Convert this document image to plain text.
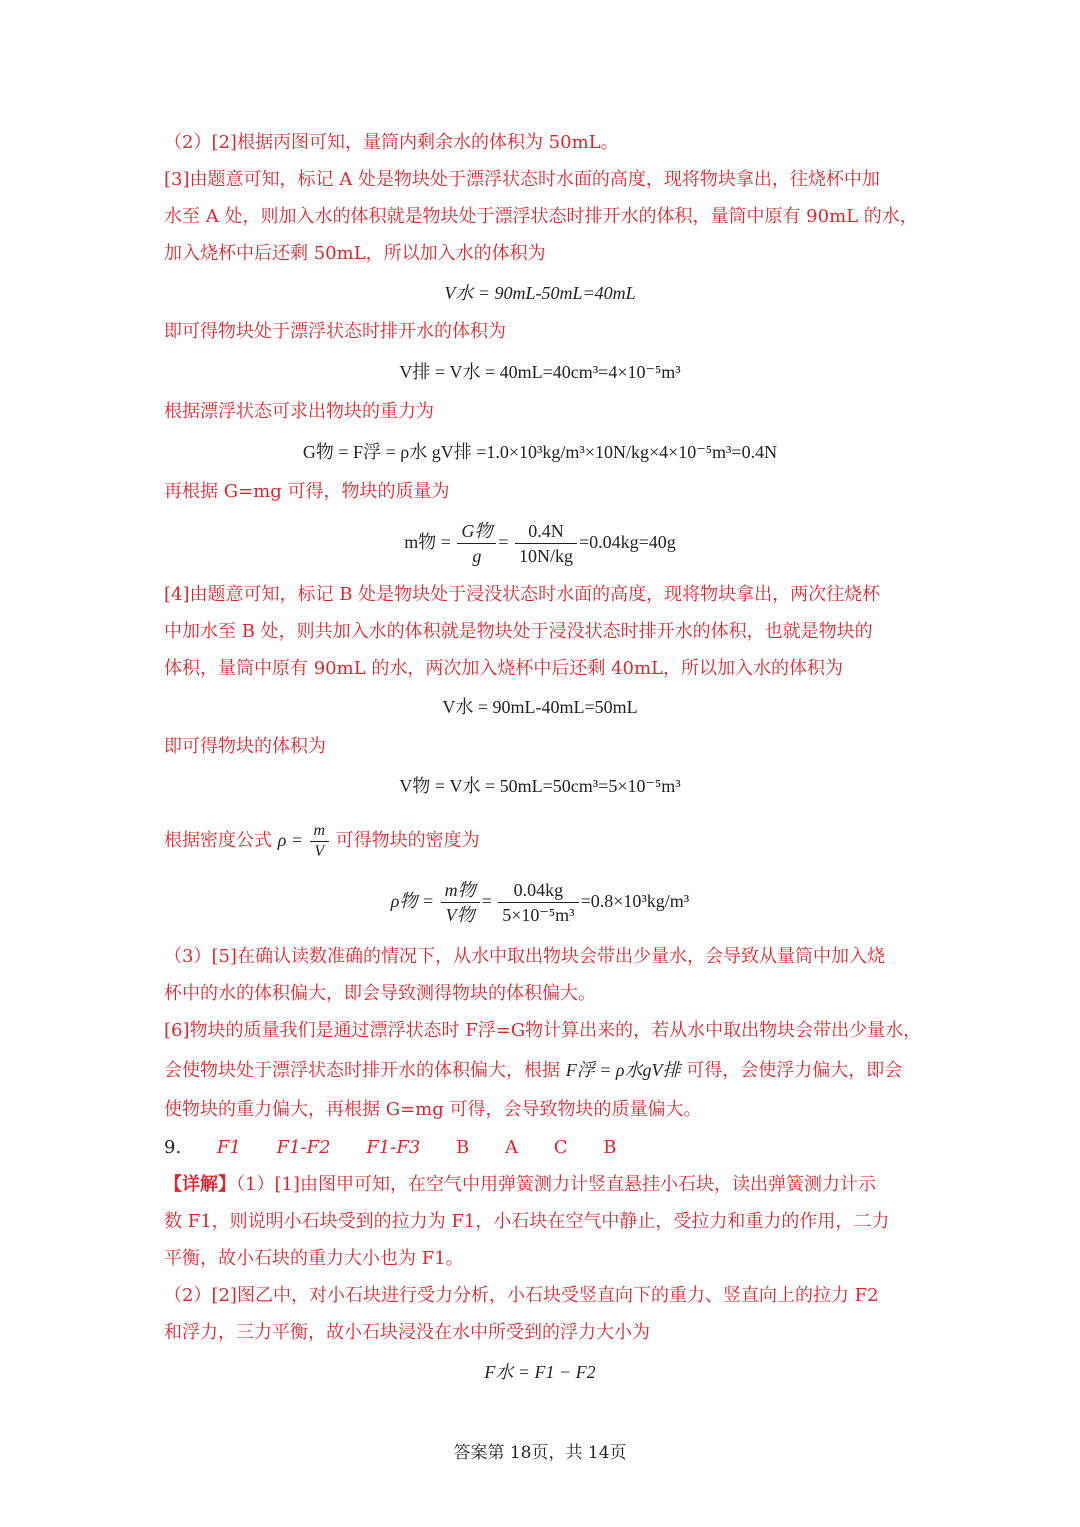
（2）[2]根据丙图可知，量筒内剩余水的体积为 50mL。
[3]由题意可知，标记 A 处是物块处于漂浮状态时水面的高度，现将物块拿出，往烧杯中加
水至 A 处，则加入水的体积就是物块处于漂浮状态时排开水的体积，量筒中原有 90mL 的水，
加入烧杯中后还剩 50mL，所以加入水的体积为
V水 = 90mL-50mL=40mL
即可得物块处于漂浮状态时排开水的体积为
V排 = V水 = 40mL=40cm³=4×10⁻⁵m³
根据漂浮状态可求出物块的重力为
G物 = F浮 = ρ水 gV排 =1.0×10³kg/m³×10N/kg×4×10⁻⁵m³=0.4N
再根据 G=mg 可得，物块的质量为
m物 = $\frac{\text{G物}}{g} = \frac{0.4N}{10N/kg} =0.04kg=40g$
[4]由题意可知，标记 B 处是物块处于浸没状态时水面的高度，现将物块拿出，两次往烧杯
中加水至 B 处，则共加入水的体积就是物块处于浸没状态时排开水的体积，也就是物块的
体积，量筒中原有 90mL 的水，两次加入烧杯中后还剩 40mL，所以加入水的体积为
V水 = 90mL-40mL=50mL
即可得物块的体积为
V物 = V水 = 50mL=50cm³=5×10⁻⁵m³
根据密度公式 $\rho = \frac{m}{V}$ 可得物块的密度为
ρ物 = $\frac{\text{m物}}{\text{V物}} = \frac{0.04kg}{\text{5×10⁻⁵m³}} =0.8\times 10^3kg/m^3$
（3）[5]在确认读数准确的情况下，从水中取出物块会带出少量水，会导致从量筒中加入烧
杯中的水的体积偏大，即会导致测得物块的体积偏大。
[6]物块的质量我们是通过漂浮状态时 F浮=G物计算出来的，若从水中取出物块会带出少量水，
会使物块处于漂浮状态时排开水的体积偏大，根据 F浮 = ρ水gV排 可得，会使浮力偏大，即会
使物块的重力偏大，再根据 G=mg 可得，会导致物块的质量偏大。
9. F1 F1-F2 F1-F3 B A C B
【详解】（1）[1]由图甲可知，在空气中用弹簧测力计竖直悬挂小石块，读出弹簧测力计示
数 F1，则说明小石块受到的拉力为 F1，小石块在空气中静止，受拉力和重力的作用，二力
平衡，故小石块的重力大小也为 F1。
（2）[2]图乙中，对小石块进行受力分析，小石块受竖直向下的重力、竖直向上的拉力 F2
和浮力，三力平衡，故小石块浸没在水中所受到的浮力大小为
F水 = F1 − F2
答案第 18页，共 14页
